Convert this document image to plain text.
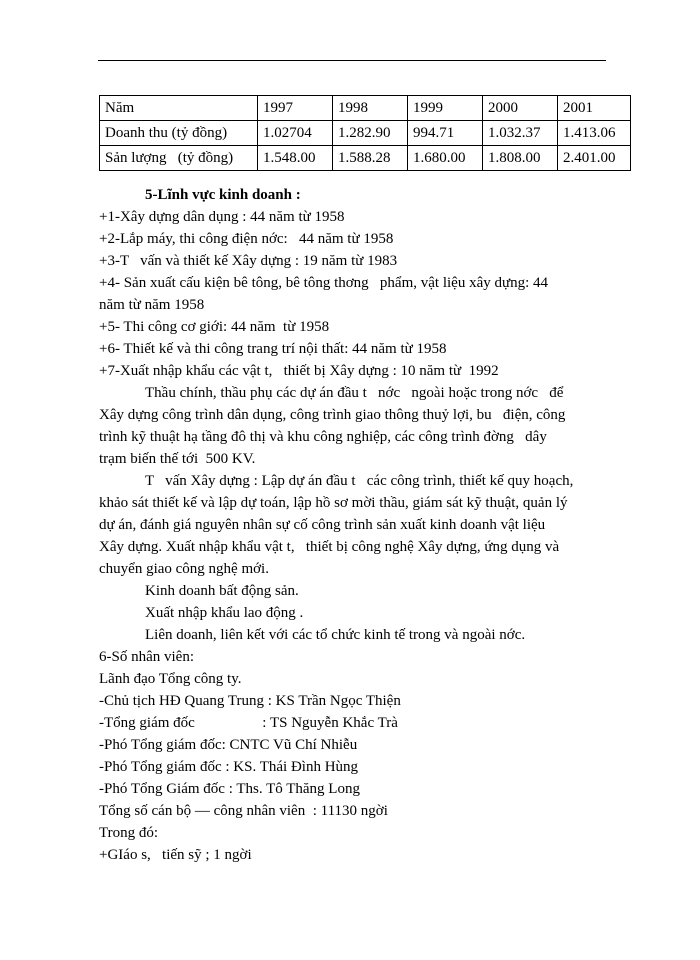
Năm	1997	1998	1999	2000	2001
Doanh thu (tỷ đồng)	1.02704	1.282.90	994.71	1.032.37	1.413.06
Sản lượng   (tỷ đồng)	1.548.00	1.588.28	1.680.00	1.808.00	2.401.00
5-Lĩnh vực kinh doanh :
+1-Xây dựng dân dụng : 44 năm từ 1958
+2-Lắp máy, thi công điện nớc:   44 năm từ 1958
+3-T   vấn và thiết kế Xây dựng : 19 năm từ 1983
+4- Sản xuất cấu kiện bê tông, bê tông thơng   phẩm, vật liệu xây dựng: 44
năm từ năm 1958
+5- Thi công cơ giới: 44 năm  từ 1958
+6- Thiết kế và thi công trang trí nội thất: 44 năm từ 1958
+7-Xuất nhập khẩu các vật t,   thiết bị Xây dựng : 10 năm từ  1992
Thầu chính, thầu phụ các dự án đầu t   nớc   ngoài hoặc trong nớc   để
Xây dựng công trình dân dụng, công trình giao thông thuỷ lợi, bu   điện, công
trình kỹ thuật hạ tầng đô thị và khu công nghiệp, các công trình đờng   dây
trạm biến thế tới  500 KV.
T   vấn Xây dựng : Lập dự án đầu t   các công trình, thiết kế quy hoạch,
khảo sát thiết kế và lập dự toán, lập hồ sơ mời thầu, giám sát kỹ thuật, quản lý
dự án, đánh giá nguyên nhân sự cố công trình sản xuất kinh doanh vật liệu
Xây dựng. Xuất nhập khẩu vật t,   thiết bị công nghệ Xây dựng, ứng dụng và
chuyển giao công nghệ mới.
Kinh doanh bất động sản.
Xuất nhập khẩu lao động .
Liên doanh, liên kết với các tổ chức kinh tế trong và ngoài nớc.
6-Số nhân viên:
Lãnh đạo Tổng công ty.
-Chủ tịch HĐ Quang Trung : KS Trần Ngọc Thiện
-Tổng giám đốc                  : TS Nguyễn Khắc Trà
-Phó Tổng giám đốc: CNTC Vũ Chí Nhiễu
-Phó Tổng giám đốc : KS. Thái Đình Hùng
-Phó Tổng Giám đốc : Ths. Tô Thăng Long
Tổng số cán bộ — công nhân viên  : 11130 ngời
Trong đó:
+GIáo s,   tiến sỹ ; 1 ngời
